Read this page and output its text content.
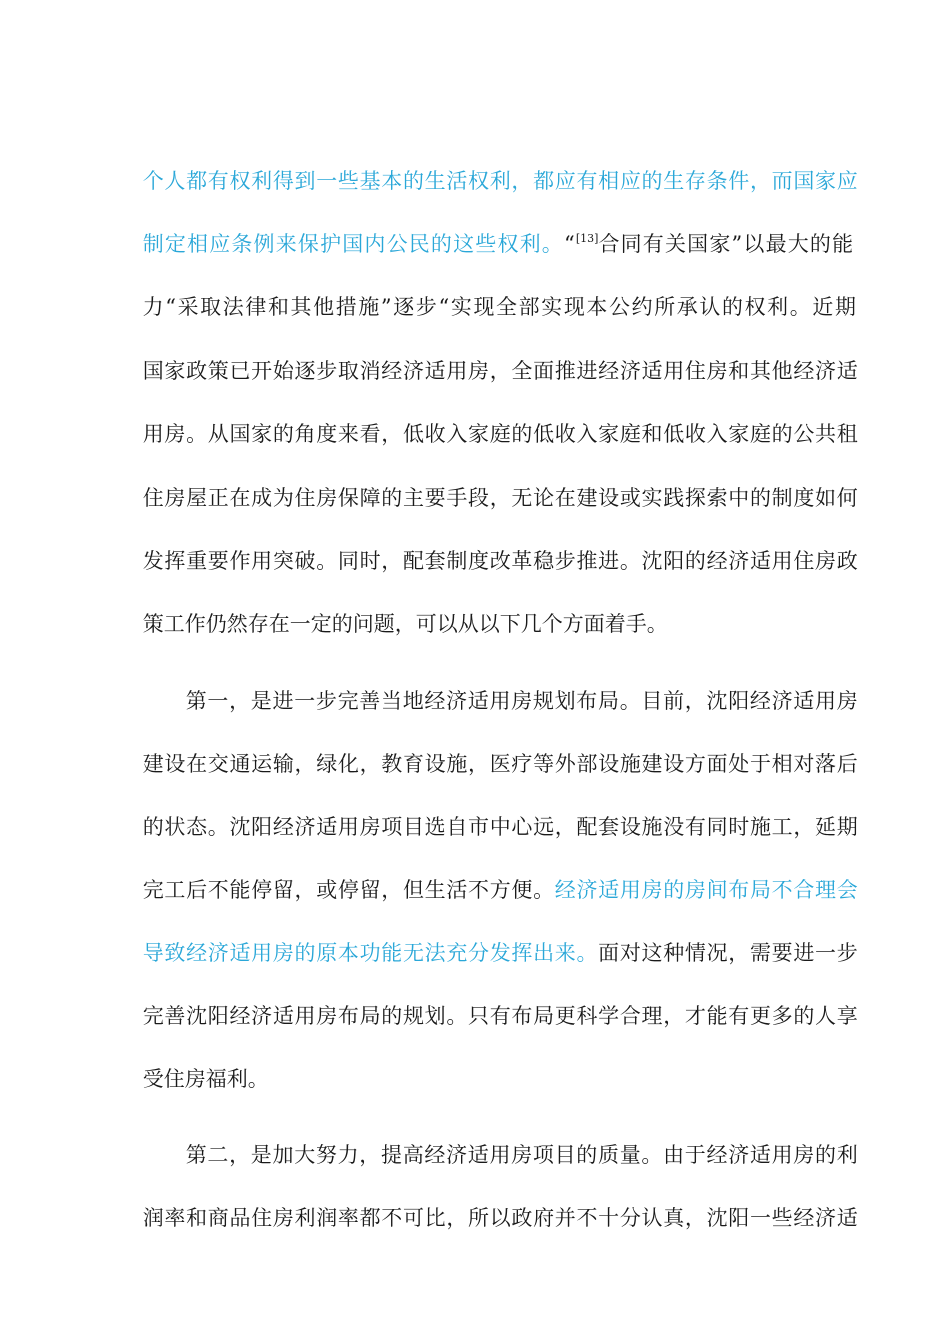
个人都有权利得到一些基本的生活权利，都应有相应的生存条件，而国家应

制定相应条例来保护国内公民的这些权利。“[13]合同有关国家”以最大的能

力“采取法律和其他措施”逐步“实现全部实现本公约所承认的权利。近期

国家政策已开始逐步取消经济适用房，全面推进经济适用住房和其他经济适

用房。从国家的角度来看，低收入家庭的低收入家庭和低收入家庭的公共租

住房屋正在成为住房保障的主要手段，无论在建设或实践探索中的制度如何

发挥重要作用突破。同时，配套制度改革稳步推进。沈阳的经济适用住房政

策工作仍然存在一定的问题，可以从以下几个方面着手。

第一，是进一步完善当地经济适用房规划布局。目前，沈阳经济适用房

建设在交通运输，绿化，教育设施，医疗等外部设施建设方面处于相对落后

的状态。沈阳经济适用房项目选自市中心远，配套设施没有同时施工，延期

完工后不能停留，或停留，但生活不方便。经济适用房的房间布局不合理会

导致经济适用房的原本功能无法充分发挥出来。面对这种情况，需要进一步

完善沈阳经济适用房布局的规划。只有布局更科学合理，才能有更多的人享

受住房福利。

第二，是加大努力，提高经济适用房项目的质量。由于经济适用房的利

润率和商品住房利润率都不可比，所以政府并不十分认真，沈阳一些经济适
